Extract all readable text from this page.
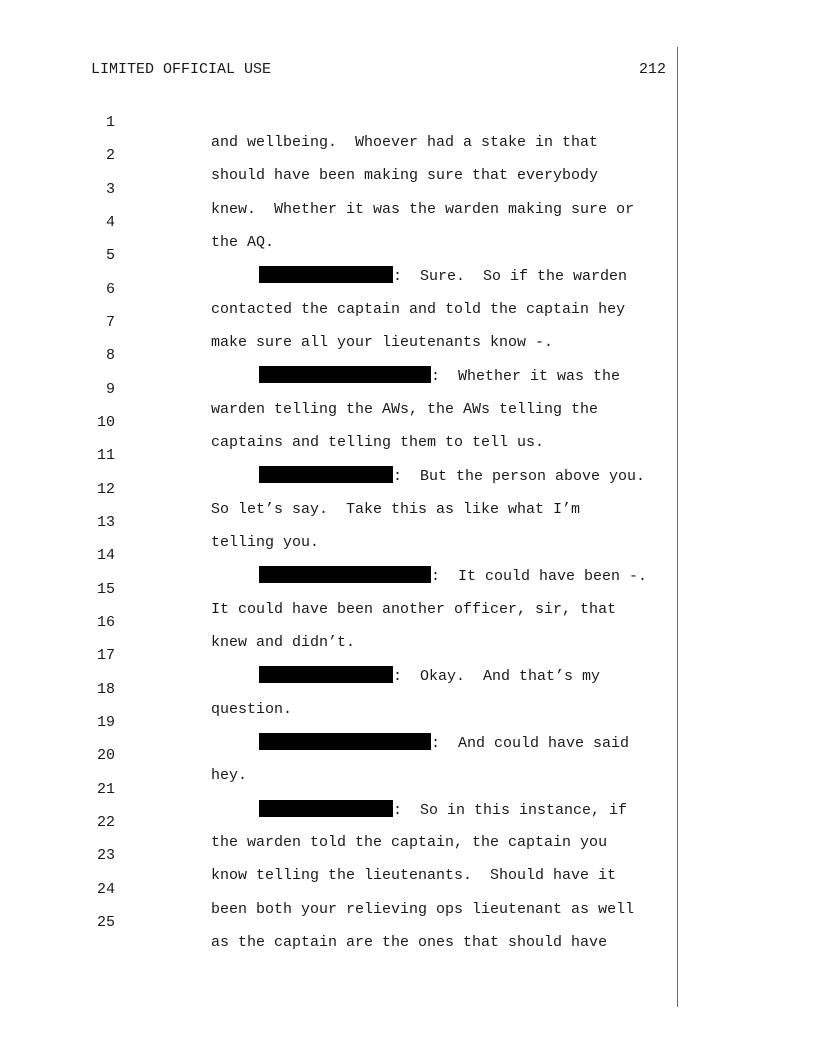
LIMITED OFFICIAL USE	212

1

and wellbeing.  Whoever had a stake in that

2

should have been making sure that everybody

3

knew.  Whether it was the warden making sure or

4

the AQ.

5

:  Sure.  So if the warden

6

contacted the captain and told the captain hey

7

make sure all your lieutenants know -.

8

:  Whether it was the

9

warden telling the AWs, the AWs telling the

10

captains and telling them to tell us.

11

:  But the person above you.

12

So let’s say.  Take this as like what I’m

13

telling you.

14

:  It could have been -.

15

It could have been another officer, sir, that

16

knew and didn’t.

17

:  Okay.  And that’s my

18

question.

19

:  And could have said

20

hey.

21

:  So in this instance, if

22

the warden told the captain, the captain you

23

know telling the lieutenants.  Should have it

24

been both your relieving ops lieutenant as well

25

as the captain are the ones that should have
